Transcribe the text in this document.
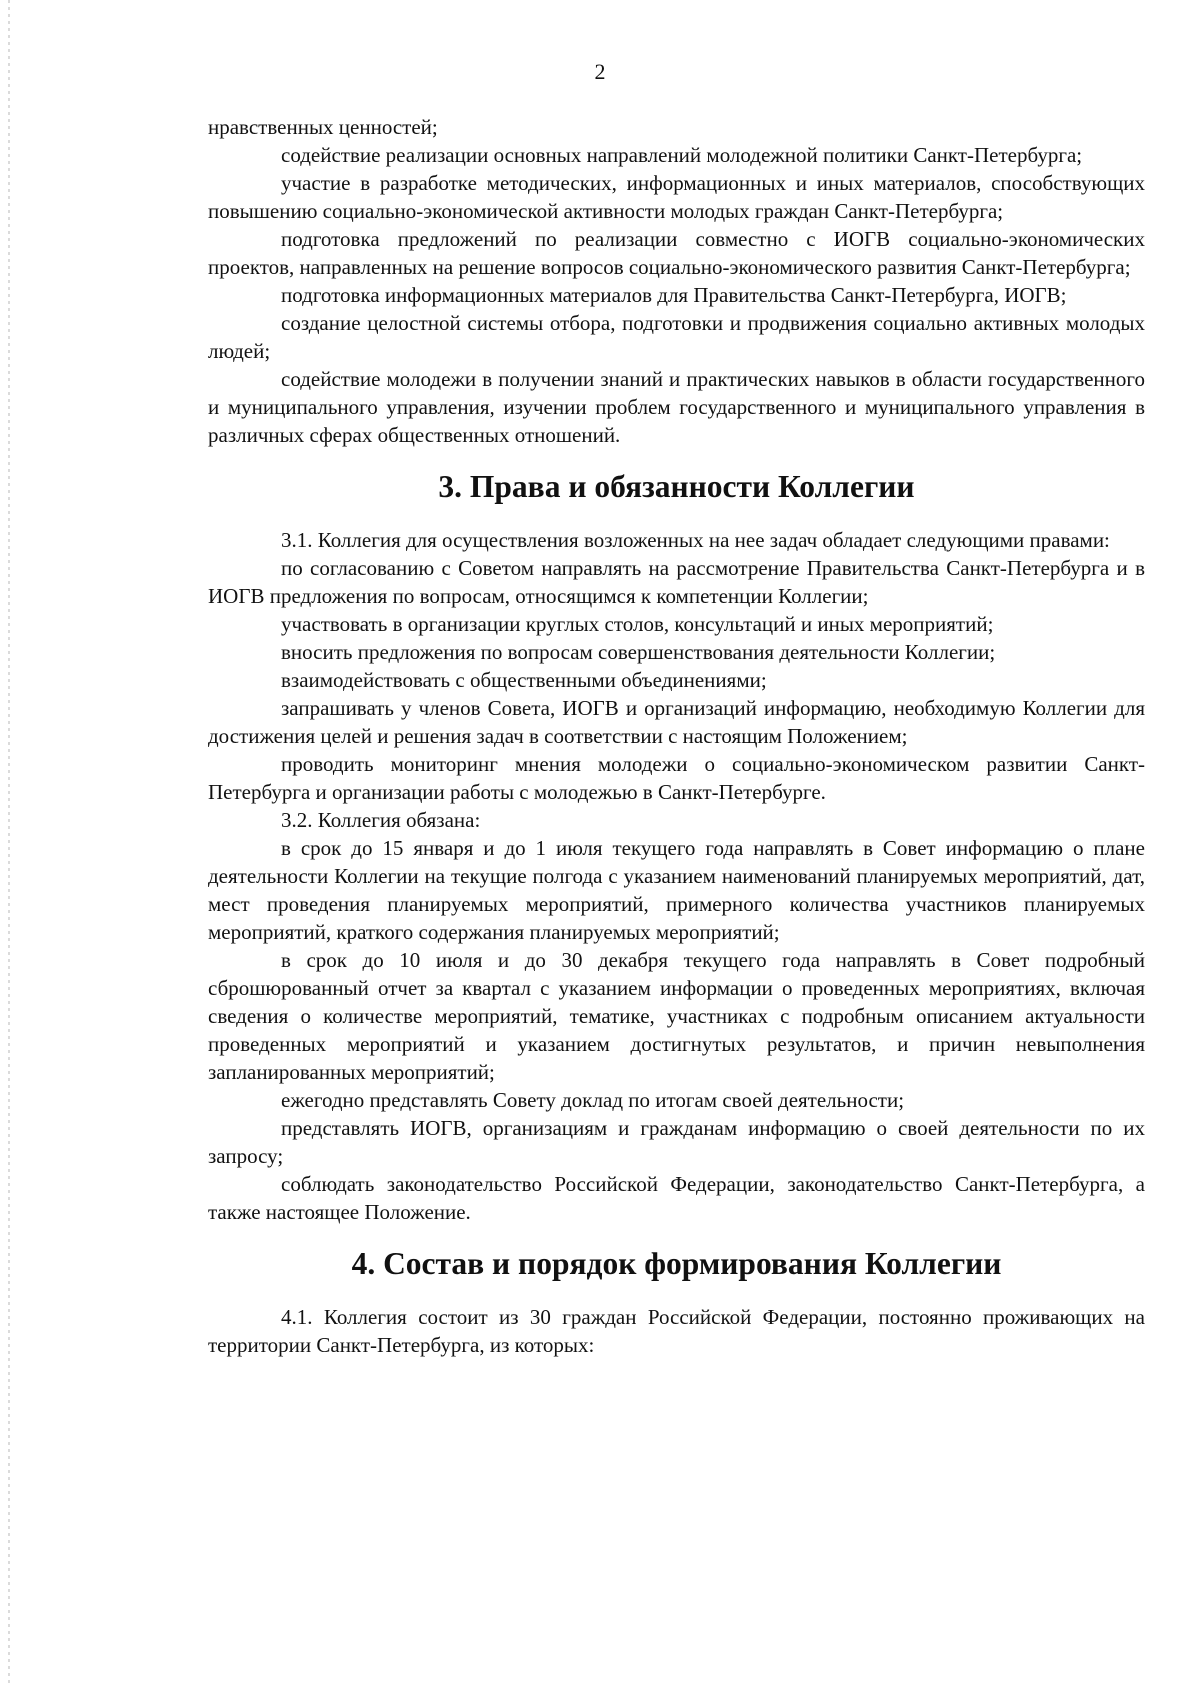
2

нравственных ценностей;

содействие реализации основных направлений молодежной политики Санкт-Петербурга;

участие в разработке методических, информационных и иных материалов, способствующих повышению социально-экономической активности молодых граждан Санкт-Петербурга;

подготовка предложений по реализации совместно с ИОГВ социально-экономических проектов, направленных на решение вопросов социально-экономического развития Санкт-Петербурга;

подготовка информационных материалов для Правительства Санкт-Петербурга, ИОГВ;

создание целостной системы отбора, подготовки и продвижения социально активных молодых людей;

содействие молодежи в получении знаний и практических навыков в области государственного и муниципального управления, изучении проблем государственного и муниципального управления в различных сферах общественных отношений.

3. Права и обязанности Коллегии

3.1. Коллегия для осуществления возложенных на нее задач обладает следующими правами:

по согласованию с Советом направлять на рассмотрение Правительства Санкт-Петербурга и в ИОГВ предложения по вопросам, относящимся к компетенции Коллегии;

участвовать в организации круглых столов, консультаций и иных мероприятий;

вносить предложения по вопросам совершенствования деятельности Коллегии;

взаимодействовать с общественными объединениями;

запрашивать у членов Совета, ИОГВ и организаций информацию, необходимую Коллегии для достижения целей и решения задач в соответствии с настоящим Положением;

проводить мониторинг мнения молодежи о социально-экономическом развитии Санкт-Петербурга и организации работы с молодежью в Санкт-Петербурге.

3.2. Коллегия обязана:

в срок до 15 января и до 1 июля текущего года направлять в Совет информацию о плане деятельности Коллегии на текущие полгода с указанием наименований планируемых мероприятий, дат, мест проведения планируемых мероприятий, примерного количества участников планируемых мероприятий, краткого содержания планируемых мероприятий;

в срок до 10 июля и до 30 декабря текущего года направлять в Совет подробный сброшюрованный отчет за квартал с указанием информации о проведенных мероприятиях, включая сведения о количестве мероприятий, тематике, участниках с подробным описанием актуальности проведенных мероприятий и указанием достигнутых результатов, и причин невыполнения запланированных мероприятий;

ежегодно представлять Совету доклад по итогам своей деятельности;

представлять ИОГВ, организациям и гражданам информацию о своей деятельности по их запросу;

соблюдать законодательство Российской Федерации, законодательство Санкт-Петербурга, а также настоящее Положение.

4. Состав и порядок формирования Коллегии

4.1. Коллегия состоит из 30 граждан Российской Федерации, постоянно проживающих на территории Санкт-Петербурга, из которых:
